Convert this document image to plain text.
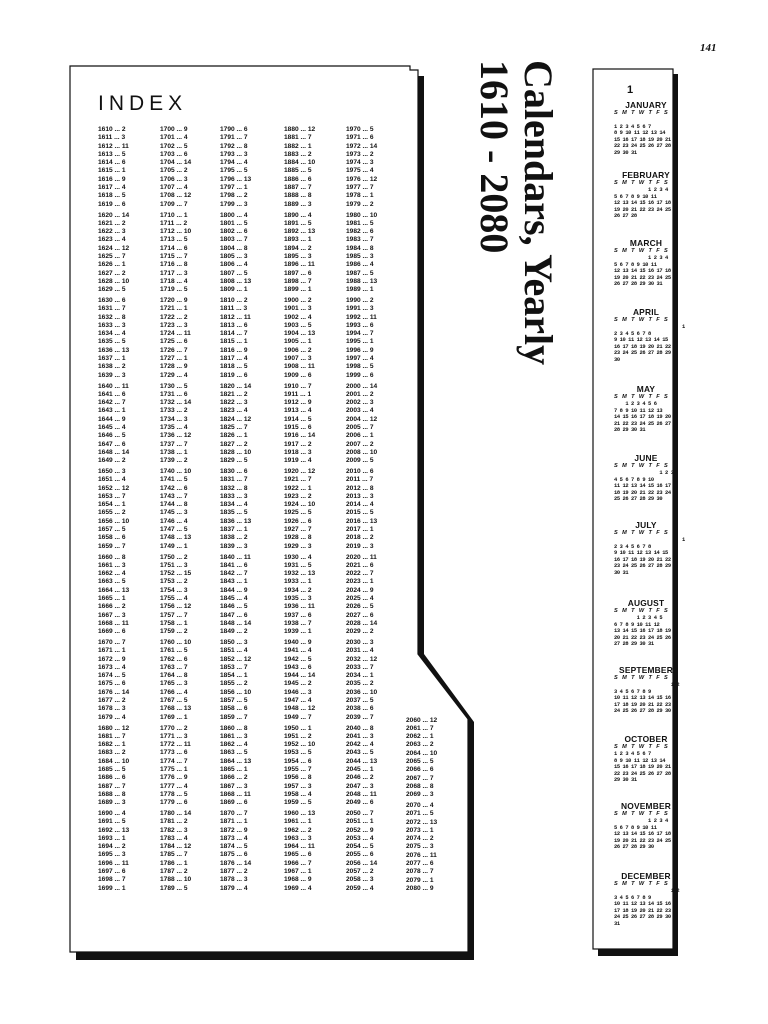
141
INDEX
1610 ... 2
1611 ... 3
1612 ... 11
1613 ... 5
1614 ... 6
1615 ... 1
1616 ... 9
1617 ... 4
1618 ... 5
1619 ... 6
1620 ... 14
1621 ... 2
1622 ... 3
1623 ... 4
1624 ... 12
1625 ... 7
1626 ... 1
1627 ... 2
1628 ... 10
1629 ... 5
1630 ... 6
1631 ... 7
1632 ... 8
1633 ... 3
1634 ... 4
1635 ... 5
1636 ... 13
1637 ... 1
1638 ... 2
1639 ... 3
1640 ... 11
1641 ... 6
1642 ... 7
1643 ... 1
1644 ... 9
1645 ... 4
1646 ... 5
1647 ... 6
1648 ... 14
1649 ... 2
1650 ... 3
1651 ... 4
1652 ... 12
1653 ... 7
1654 ... 1
1655 ... 2
1656 ... 10
1657 ... 5
1658 ... 6
1659 ... 7
1660 ... 8
1661 ... 3
1662 ... 4
1663 ... 5
1664 ... 13
1665 ... 1
1666 ... 2
1667 ... 3
1668 ... 11
1669 ... 6
1670 ... 7
1671 ... 1
1672 ... 9
1673 ... 4
1674 ... 5
1675 ... 6
1676 ... 14
1677 ... 2
1678 ... 3
1679 ... 4
1680 ... 12
1681 ... 7
1682 ... 1
1683 ... 2
1684 ... 10
1685 ... 5
1686 ... 6
1687 ... 7
1688 ... 8
1689 ... 3
1690 ... 4
1691 ... 5
1692 ... 13
1693 ... 1
1694 ... 2
1695 ... 3
1696 ... 11
1697 ... 6
1698 ... 7
1699 ... 1
1700 ... 9
1701 ... 4
1702 ... 5
1703 ... 6
1704 ... 14
1705 ... 2
1706 ... 3
1707 ... 4
1708 ... 12
1709 ... 7
1710 ... 1
1711 ... 2
1712 ... 10
1713 ... 5
1714 ... 6
1715 ... 7
1716 ... 8
1717 ... 3
1718 ... 4
1719 ... 5
1720 ... 9
1721 ... 1
1722 ... 2
1723 ... 3
1724 ... 11
1725 ... 6
1726 ... 7
1727 ... 1
1728 ... 9
1729 ... 4
1730 ... 5
1731 ... 6
1732 ... 14
1733 ... 2
1734 ... 3
1735 ... 4
1736 ... 12
1737 ... 7
1738 ... 1
1739 ... 2
1740 ... 10
1741 ... 5
1742 ... 6
1743 ... 7
1744 ... 8
1745 ... 3
1746 ... 4
1747 ... 5
1748 ... 13
1749 ... 1
1750 ... 2
1751 ... 3
1752 ... 15
1753 ... 2
1754 ... 3
1755 ... 4
1756 ... 12
1757 ... 7
1758 ... 1
1759 ... 2
1760 ... 10
1761 ... 5
1762 ... 6
1763 ... 7
1764 ... 8
1765 ... 3
1766 ... 4
1767 ... 5
1768 ... 13
1769 ... 1
1770 ... 2
1771 ... 3
1772 ... 11
1773 ... 6
1774 ... 7
1775 ... 1
1776 ... 9
1777 ... 4
1778 ... 5
1779 ... 6
1780 ... 14
1781 ... 2
1782 ... 3
1783 ... 4
1784 ... 12
1785 ... 7
1786 ... 1
1787 ... 2
1788 ... 10
1789 ... 5
1790 ... 6
1791 ... 7
1792 ... 8
1793 ... 3
1794 ... 4
1795 ... 5
1796 ... 13
1797 ... 1
1798 ... 2
1799 ... 3
1800 ... 4
1801 ... 5
1802 ... 6
1803 ... 7
1804 ... 8
1805 ... 3
1806 ... 4
1807 ... 5
1808 ... 13
1809 ... 1
1810 ... 2
1811 ... 3
1812 ... 11
1813 ... 6
1814 ... 7
1815 ... 1
1816 ... 9
1817 ... 4
1818 ... 5
1819 ... 6
1820 ... 14
1821 ... 2
1822 ... 3
1823 ... 4
1824 ... 12
1825 ... 7
1826 ... 1
1827 ... 2
1828 ... 10
1829 ... 5
1830 ... 6
1831 ... 7
1832 ... 8
1833 ... 3
1834 ... 4
1835 ... 5
1836 ... 13
1837 ... 1
1838 ... 2
1839 ... 3
1840 ... 11
1841 ... 6
1842 ... 7
1843 ... 1
1844 ... 9
1845 ... 4
1846 ... 5
1847 ... 6
1848 ... 14
1849 ... 2
1850 ... 3
1851 ... 4
1852 ... 12
1853 ... 7
1854 ... 1
1855 ... 2
1856 ... 10
1857 ... 5
1858 ... 6
1859 ... 7
1860 ... 8
1861 ... 3
1862 ... 4
1863 ... 5
1864 ... 13
1865 ... 1
1866 ... 2
1867 ... 3
1868 ... 11
1869 ... 6
1870 ... 7
1871 ... 1
1872 ... 9
1873 ... 4
1874 ... 5
1875 ... 6
1876 ... 14
1877 ... 2
1878 ... 3
1879 ... 4
1880 ... 12
1881 ... 7
1882 ... 1
1883 ... 2
1884 ... 10
1885 ... 5
1886 ... 6
1887 ... 7
1888 ... 8
1889 ... 3
1890 ... 4
1891 ... 5
1892 ... 13
1893 ... 1
1894 ... 2
1895 ... 3
1896 ... 11
1897 ... 6
1898 ... 7
1899 ... 1
1900 ... 2
1901 ... 3
1902 ... 4
1903 ... 5
1904 ... 13
1905 ... 1
1906 ... 2
1907 ... 3
1908 ... 11
1909 ... 6
1910 ... 7
1911 ... 1
1912 ... 9
1913 ... 4
1914 ... 5
1915 ... 6
1916 ... 14
1917 ... 2
1918 ... 3
1919 ... 4
1920 ... 12
1921 ... 7
1922 ... 1
1923 ... 2
1924 ... 10
1925 ... 5
1926 ... 6
1927 ... 7
1928 ... 8
1929 ... 3
1930 ... 4
1931 ... 5
1932 ... 13
1933 ... 1
1934 ... 2
1935 ... 3
1936 ... 11
1937 ... 6
1938 ... 7
1939 ... 1
1940 ... 9
1941 ... 4
1942 ... 5
1943 ... 6
1944 ... 14
1945 ... 2
1946 ... 3
1947 ... 4
1948 ... 12
1949 ... 7
1950 ... 1
1951 ... 2
1952 ... 10
1953 ... 5
1954 ... 6
1955 ... 7
1956 ... 8
1957 ... 3
1958 ... 4
1959 ... 5
1960 ... 13
1961 ... 1
1962 ... 2
1963 ... 3
1964 ... 11
1965 ... 6
1966 ... 7
1967 ... 1
1968 ... 9
1969 ... 4
1970 ... 5
1971 ... 6
1972 ... 14
1973 ... 2
1974 ... 3
1975 ... 4
1976 ... 12
1977 ... 7
1978 ... 1
1979 ... 2
1980 ... 10
1981 ... 5
1982 ... 6
1983 ... 7
1984 ... 8
1985 ... 3
1986 ... 4
1987 ... 5
1988 ... 13
1989 ... 1
1990 ... 2
1991 ... 3
1992 ... 11
1993 ... 6
1994 ... 7
1995 ... 1
1996 ... 9
1997 ... 4
1998 ... 5
1999 ... 6
2000 ... 14
2001 ... 2
2002 ... 3
2003 ... 4
2004 ... 12
2005 ... 7
2006 ... 1
2007 ... 2
2008 ... 10
2009 ... 5
2010 ... 6
2011 ... 7
2012 ... 8
2013 ... 3
2014 ... 4
2015 ... 5
2016 ... 13
2017 ... 1
2018 ... 2
2019 ... 3
2020 ... 11
2021 ... 6
2022 ... 7
2023 ... 1
2024 ... 9
2025 ... 4
2026 ... 5
2027 ... 6
2028 ... 14
2029 ... 2
2030 ... 3
2031 ... 4
2032 ... 12
2033 ... 7
2034 ... 1
2035 ... 2
2036 ... 10
2037 ... 5
2038 ... 6
2039 ... 7
2040 ... 8
2041 ... 3
2042 ... 4
2043 ... 5
2044 ... 13
2045 ... 1
2046 ... 2
2047 ... 3
2048 ... 11
2049 ... 6
2050 ... 7
2051 ... 1
2052 ... 9
2053 ... 4
2054 ... 5
2055 ... 6
2056 ... 14
2057 ... 2
2058 ... 3
2059 ... 4
2060 ... 12
2061 ... 7
2062 ... 1
2063 ... 2
2064 ... 10
2065 ... 5
2066 ... 6
2067 ... 7
2068 ... 8
2069 ... 3
2070 ... 4
2071 ... 5
2072 ... 13
2073 ... 1
2074 ... 2
2075 ... 3
2076 ... 11
2077 ... 6
2078 ... 7
2079 ... 1
2080 ... 9
Calendars, Yearly
1610 - 2080	1
JANUARY
S M T W T F S

1 2 3 4 5 6 7
8 9 10 11 12 13 14
15 16 17 18 19 20 21
22 23 24 25 26 27 28
29 30 31
FEBRUARY
S M T W T F S
1 2 3 4
5 6 7 8 9 10 11
12 13 14 15 16 17 18
19 20 21 22 23 24 25
26 27 28
MARCH
S M T W T F S
1 2 3 4
5 6 7 8 9 10 11
12 13 14 15 16 17 18
19 20 21 22 23 24 25
26 27 28 29 30 31
APRIL
S M T W T F S
1
2 3 4 5 6 7 8
9 10 11 12 13 14 15
16 17 18 19 20 21 22
23 24 25 26 27 28 29
30
MAY
S M T W T F S
1 2 3 4 5 6
7 8 9 10 11 12 13
14 15 16 17 18 19 20
21 22 23 24 25 26 27
28 29 30 31
JUNE
S M T W T F S
1 2 3
4 5 6 7 8 9 10
11 12 13 14 15 16 17
18 19 20 21 22 23 24
25 26 27 28 29 30
JULY
S M T W T F S
1
2 3 4 5 6 7 8
9 10 11 12 13 14 15
16 17 18 19 20 21 22
23 24 25 26 27 28 29
30 31
AUGUST
S M T W T F S
1 2 3 4 5
6 7 8 9 10 11 12
13 14 15 16 17 18 19
20 21 22 23 24 25 26
27 28 29 30 31
SEPTEMBER
S M T W T F S
1 2
3 4 5 6 7 8 9
10 11 12 13 14 15 16
17 18 19 20 21 22 23
24 25 26 27 28 29 30
OCTOBER
S M T W T F S
1 2 3 4 5 6 7
8 9 10 11 12 13 14
15 16 17 18 19 20 21
22 23 24 25 26 27 28
29 30 31
NOVEMBER
S M T W T F S
1 2 3 4
5 6 7 8 9 10 11
12 13 14 15 16 17 18
19 20 21 22 23 24 25
26 27 28 29 30
DECEMBER
S M T W T F S
1 2
3 4 5 6 7 8 9
10 11 12 13 14 15 16
17 18 19 20 21 22 23
24 25 26 27 28 29 30
31
